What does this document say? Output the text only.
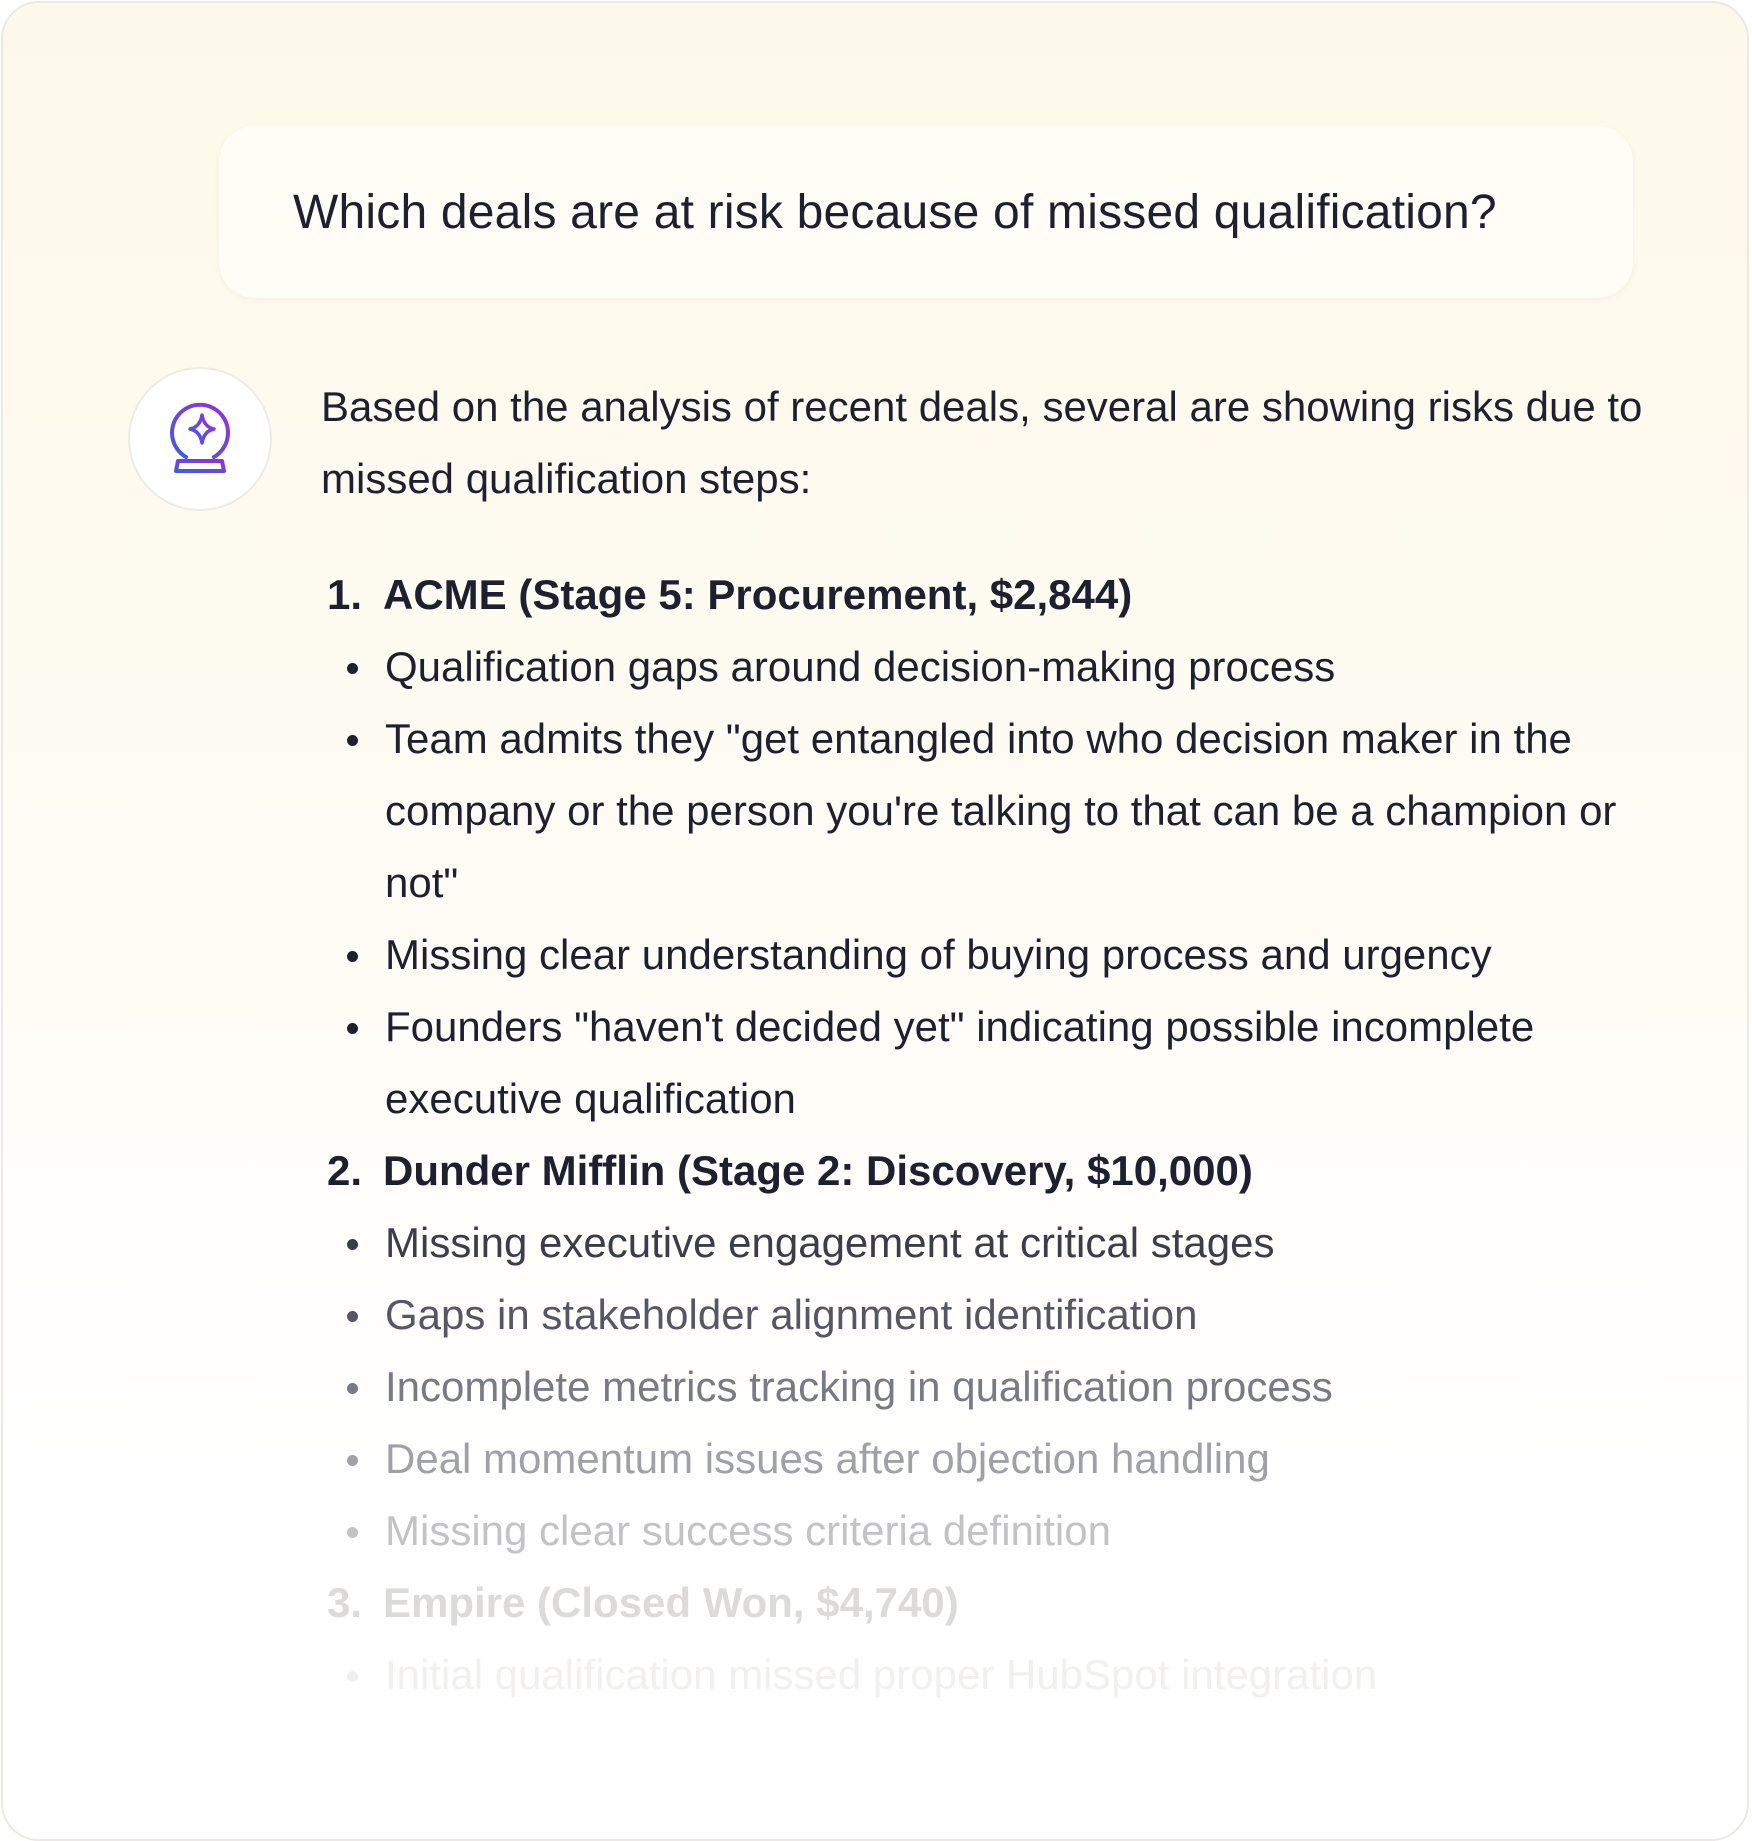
Which deals are at risk because of missed qualification?

Based on the analysis of recent deals, several are showing risks due to missed qualification steps:

1. ACME (Stage 5: Procurement, $2,844)
Qualification gaps around decision-making process
Team admits they "get entangled into who decision maker in the company or the person you're talking to that can be a champion or not"
Missing clear understanding of buying process and urgency
Founders "haven't decided yet" indicating possible incomplete executive qualification
2. Dunder Mifflin (Stage 2: Discovery, $10,000)
Missing executive engagement at critical stages
Gaps in stakeholder alignment identification
Incomplete metrics tracking in qualification process
Deal momentum issues after objection handling
Missing clear success criteria definition
3. Empire (Closed Won, $4,740)
Initial qualification missed proper HubSpot integration
